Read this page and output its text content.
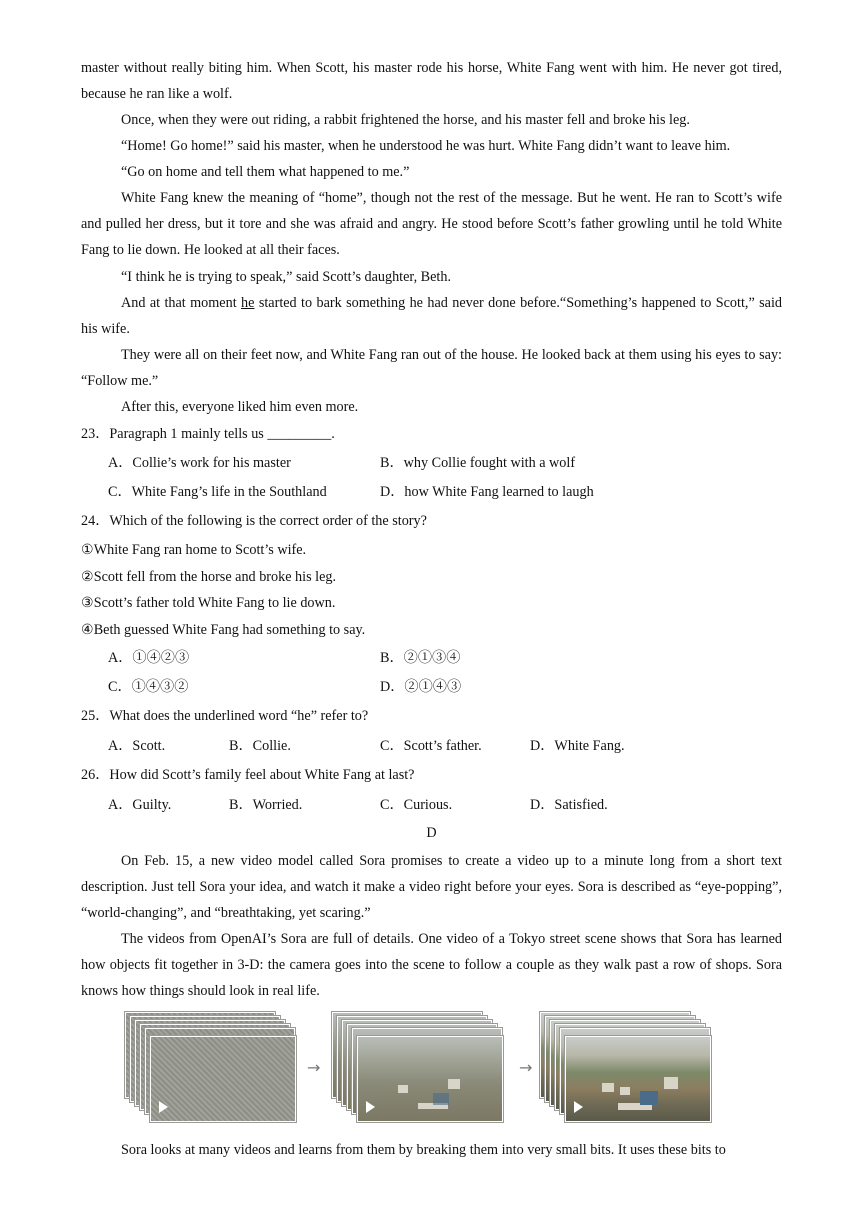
master without really biting him. When Scott, his master rode his horse, White Fang went with him. He never got tired, because he ran like a wolf.

Once, when they were out riding, a rabbit frightened the horse, and his master fell and broke his leg.

“Home! Go home!” said his master, when he understood he was hurt. White Fang didn’t want to leave him.

“Go on home and tell them what happened to me.”

White Fang knew the meaning of “home”, though not the rest of the message. But he went. He ran to Scott’s wife and pulled her dress, but it tore and she was afraid and angry. He stood before Scott’s father growling until he told White Fang to lie down. He looked at all their faces.

“I think he is trying to speak,” said Scott’s daughter, Beth.

And at that moment he started to bark something he had never done before.“Something’s happened to Scott,” said his wife.

They were all on their feet now, and White Fang ran out of the house. He looked back at them using his eyes to say: “Follow me.”

After this, everyone liked him even more.

23．Paragraph 1 mainly tells us _________.
A．Collie’s work for his master	B．why Collie fought with a wolf
C．White Fang’s life in the Southland	D．how White Fang learned to laugh
24．Which of the following is the correct order of the story?
①White Fang ran home to Scott’s wife.
②Scott fell from the horse and broke his leg.
③Scott’s father told White Fang to lie down.
④Beth guessed White Fang had something to say.
A．①④②③	B．②①③④
C．①④③②	D．②①④③
25．What does the underlined word “he” refer to?
A．Scott.	B．Collie.	C．Scott’s father.	D．White Fang.
26．How did Scott’s family feel about White Fang at last?
A．Guilty.	B．Worried.	C．Curious.	D．Satisfied.
D

On Feb. 15, a new video model called Sora promises to create a video up to a minute long from a short text description. Just tell Sora your idea, and watch it make a video right before your eyes. Sora is described as “eye-popping”, “world-changing”, and “breathtaking, yet scaring.”

The videos from OpenAI’s Sora are full of details. One video of a Tokyo street scene shows that Sora has learned how objects fit together in 3-D: the camera goes into the scene to follow a couple as they walk past a row of shops. Sora knows how things should look in real life.

→	→

Sora looks at many videos and learns from them by breaking them into very small bits. It uses these bits to
